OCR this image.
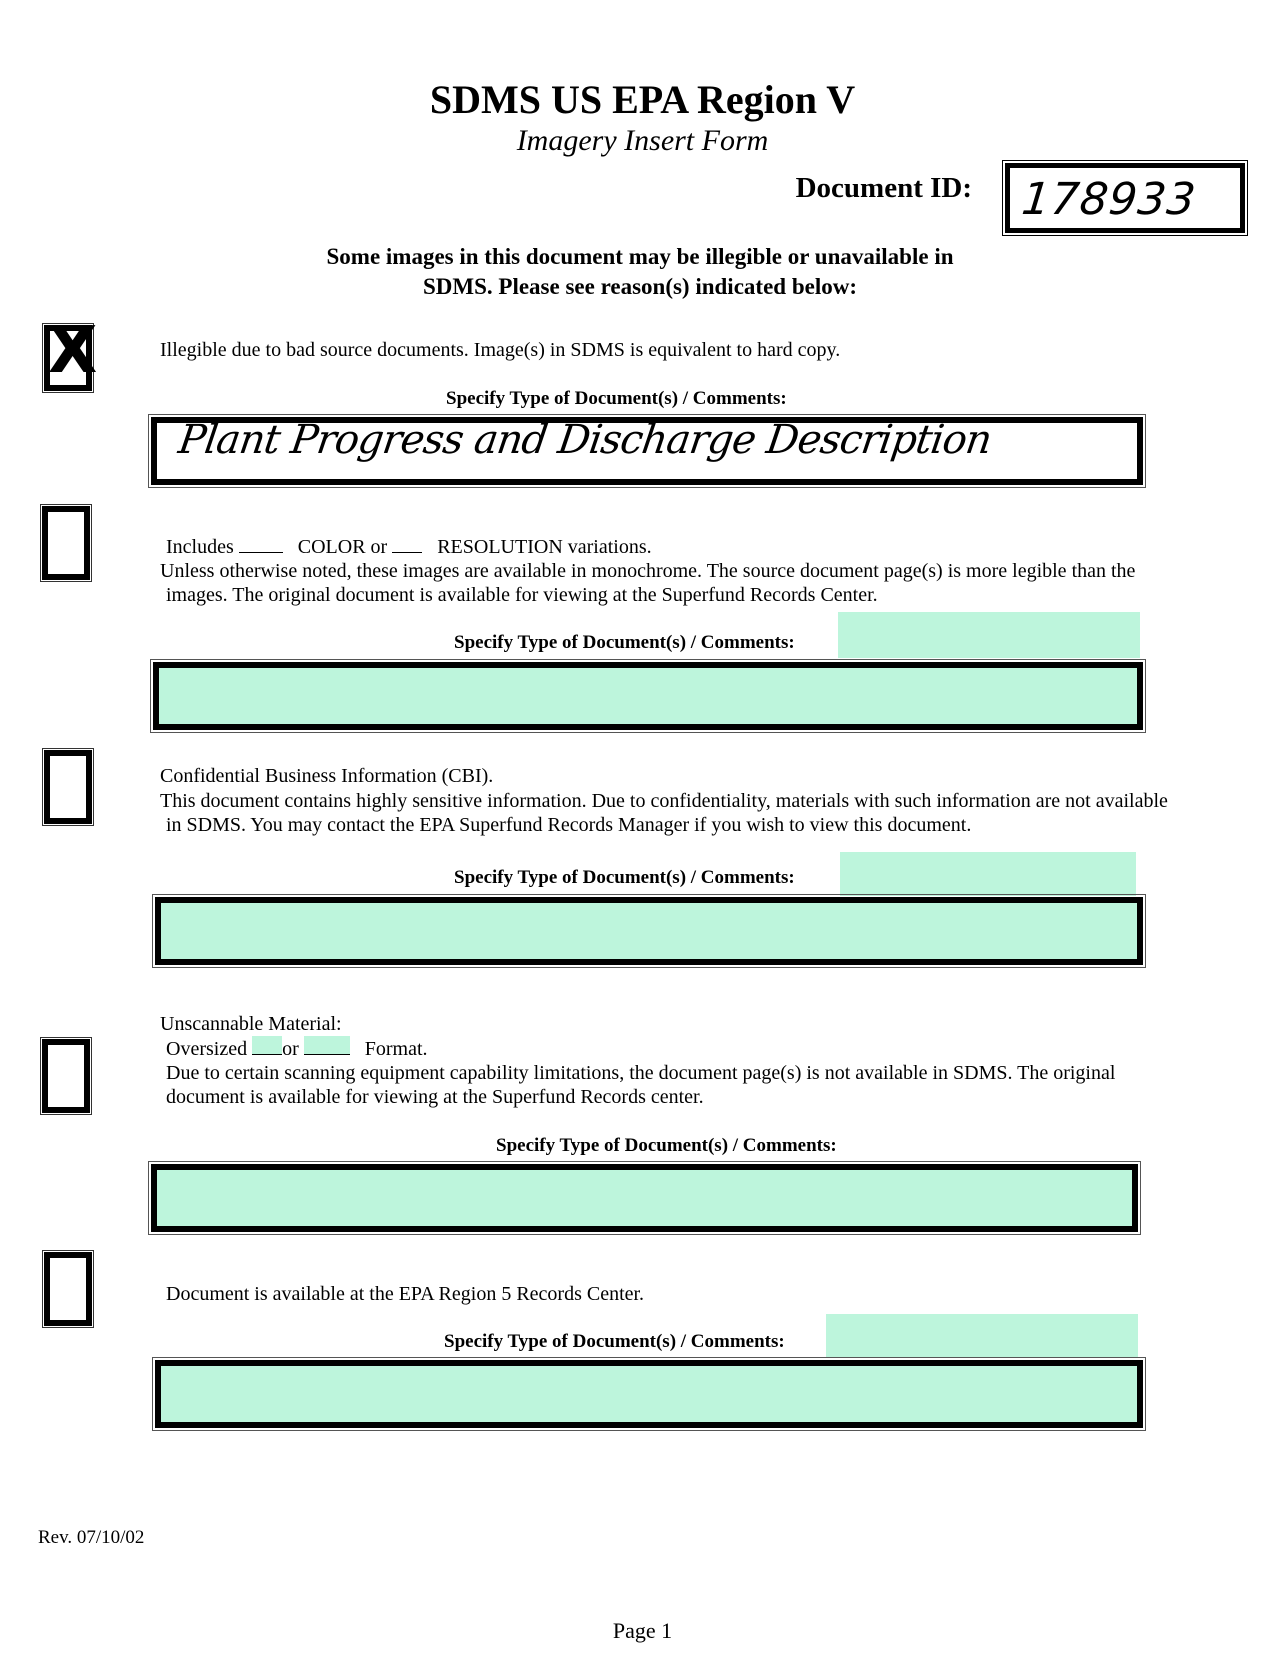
SDMS US EPA Region V
Imagery Insert Form
Document ID: 178933
Some images in this document may be illegible or unavailable in
SDMS. Please see reason(s) indicated below:
X	Illegible due to bad source documents. Image(s) in SDMS is equivalent to hard copy.
Specify Type of Document(s) / Comments:
Plant Progress and Discharge Description
Includes	COLOR or	RESOLUTION variations.
Unless otherwise noted, these images are available in monochrome. The source document page(s) is more legible than the
images. The original document is available for viewing at the Superfund Records Center.
Specify Type of Document(s) / Comments:
Confidential Business Information (CBI).
This document contains highly sensitive information. Due to confidentiality, materials with such information are not available
in SDMS. You may contact the EPA Superfund Records Manager if you wish to view this document.
Specify Type of Document(s) / Comments:
Unscannable Material:
Oversized or	Format.
Due to certain scanning equipment capability limitations, the document page(s) is not available in SDMS. The original
document is available for viewing at the Superfund Records center.
Specify Type of Document(s) / Comments:
Document is available at the EPA Region 5 Records Center.
Specify Type of Document(s) / Comments:
Rev. 07/10/02
Page 1
